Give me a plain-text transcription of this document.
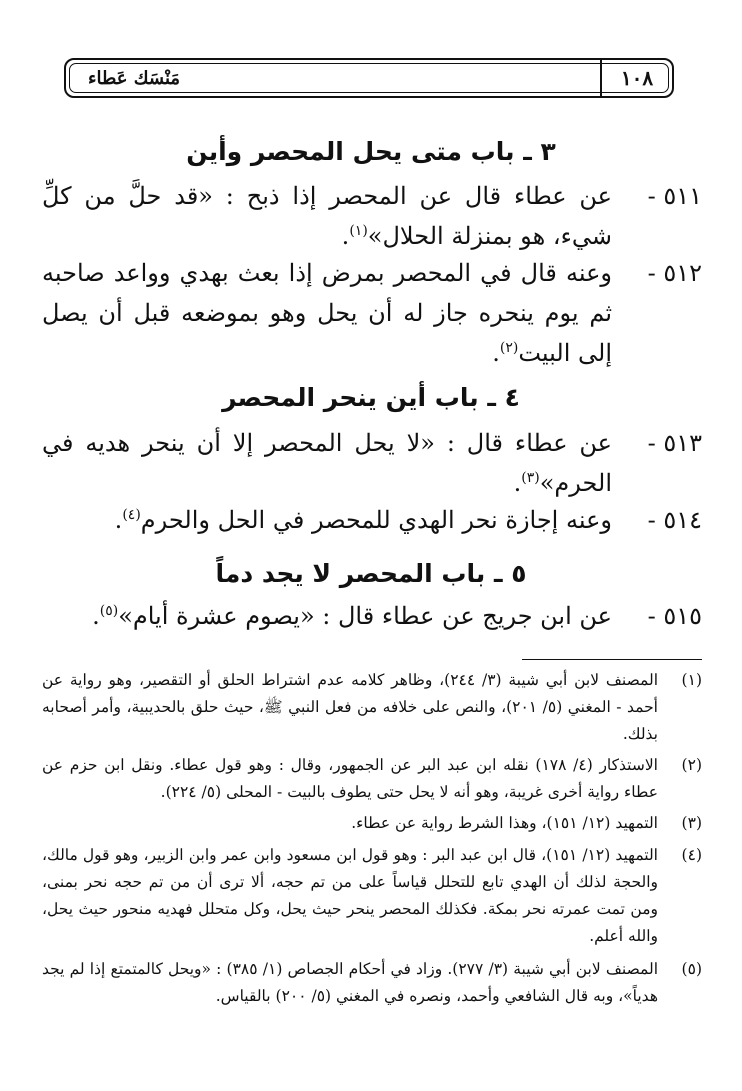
١٠٨
مَنْسَك عَطاء
٣ ـ باب متى يحل المحصر وأين
٥١١ -
عن عطاء قال عن المحصر إذا ذبح : «قد حلَّ من كلِّ شيء، هو بمنزلة الحلال»$^{(١)}$.
٥١٢ -
وعنه قال في المحصر بمرض إذا بعث بهدي وواعد صاحبه ثم يوم ينحره جاز له أن يحل وهو بموضعه قبل أن يصل إلى البيت$^{(٢)}$.
٤ ـ باب أين ينحر المحصر
٥١٣ -
عن عطاء قال : «لا يحل المحصر إلا أن ينحر هديه في الحرم»$^{(٣)}$.
٥١٤ -
وعنه إجازة نحر الهدي للمحصر في الحل والحرم$^{(٤)}$.
٥ ـ باب المحصر لا يجد دماً
٥١٥ -
عن ابن جريج عن عطاء قال : «يصوم عشرة أيام»$^{(٥)}$.
(١)
المصنف لابن أبي شيبة (٣/ ٢٤٤)، وظاهر كلامه عدم اشتراط الحلق أو التقصير، وهو رواية عن أحمد - المغني (٥/ ٢٠١)، والنص على خلافه من فعل النبي ﷺ، حيث حلق بالحديبية، وأمر أصحابه بذلك.
(٢)
الاستذكار (٤/ ١٧٨) نقله ابن عبد البر عن الجمهور، وقال : وهو قول عطاء. ونقل ابن حزم عن عطاء رواية أخرى غريبة، وهو أنه لا يحل حتى يطوف بالبيت - المحلى (٥/ ٢٢٤).
(٣)
التمهيد (١٢/ ١٥١)، وهذا الشرط رواية عن عطاء.
(٤)
التمهيد (١٢/ ١٥١)، قال ابن عبد البر : وهو قول ابن مسعود وابن عمر وابن الزبير، وهو قول مالك، والحجة لذلك أن الهدي تابع للتحلل قياساً على من تم حجه، ألا ترى أن من تم حجه نحر بمنى، ومن تمت عمرته نحر بمكة. فكذلك المحصر ينحر حيث يحل، وكل متحلل فهديه منحور حيث يحل، والله أعلم.
(٥)
المصنف لابن أبي شيبة (٣/ ٢٧٧). وزاد في أحكام الجصاص (١/ ٣٨٥) : «ويحل كالمتمتع إذا لم يجد هدياً»، وبه قال الشافعي وأحمد، ونصره في المغني (٥/ ٢٠٠) بالقياس.
